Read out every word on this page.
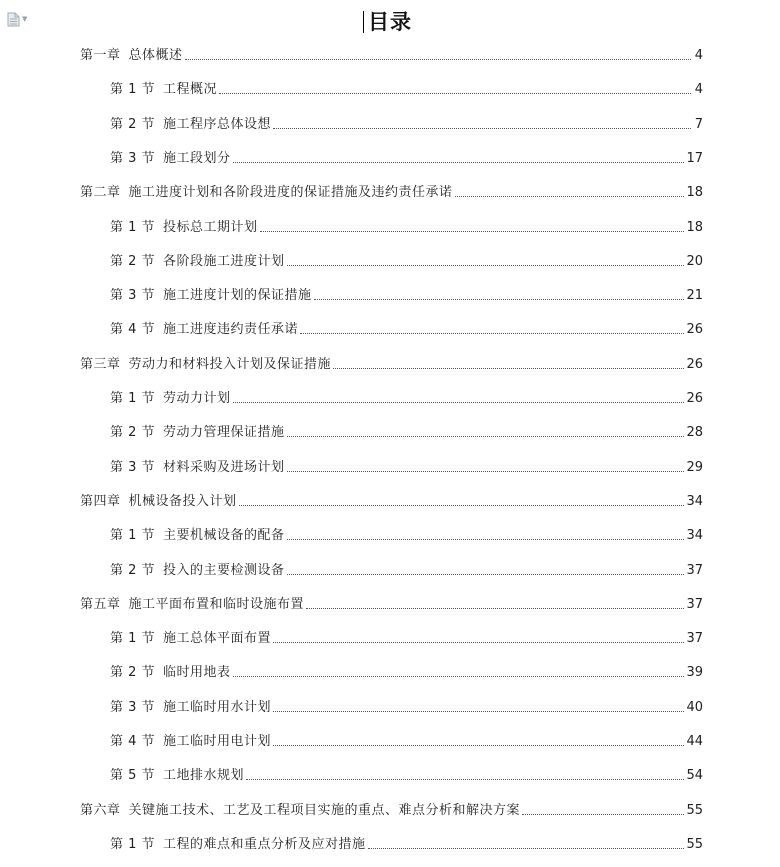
▼	目录
第一章 总体概述	4
第 1 节 工程概况	4
第 2 节 施工程序总体设想	7
第 3 节 施工段划分	17
第二章 施工进度计划和各阶段进度的保证措施及违约责任承诺	18
第 1 节 投标总工期计划	18
第 2 节 各阶段施工进度计划	20
第 3 节 施工进度计划的保证措施	21
第 4 节 施工进度违约责任承诺	26
第三章 劳动力和材料投入计划及保证措施	26
第 1 节 劳动力计划	26
第 2 节 劳动力管理保证措施	28
第 3 节 材料采购及进场计划	29
第四章 机械设备投入计划	34
第 1 节 主要机械设备的配备	34
第 2 节 投入的主要检测设备	37
第五章 施工平面布置和临时设施布置	37
第 1 节 施工总体平面布置	37
第 2 节 临时用地表	39
第 3 节 施工临时用水计划	40
第 4 节 施工临时用电计划	44
第 5 节 工地排水规划	54
第六章 关键施工技术、工艺及工程项目实施的重点、难点分析和解决方案	55
第 1 节 工程的难点和重点分析及应对措施	55
